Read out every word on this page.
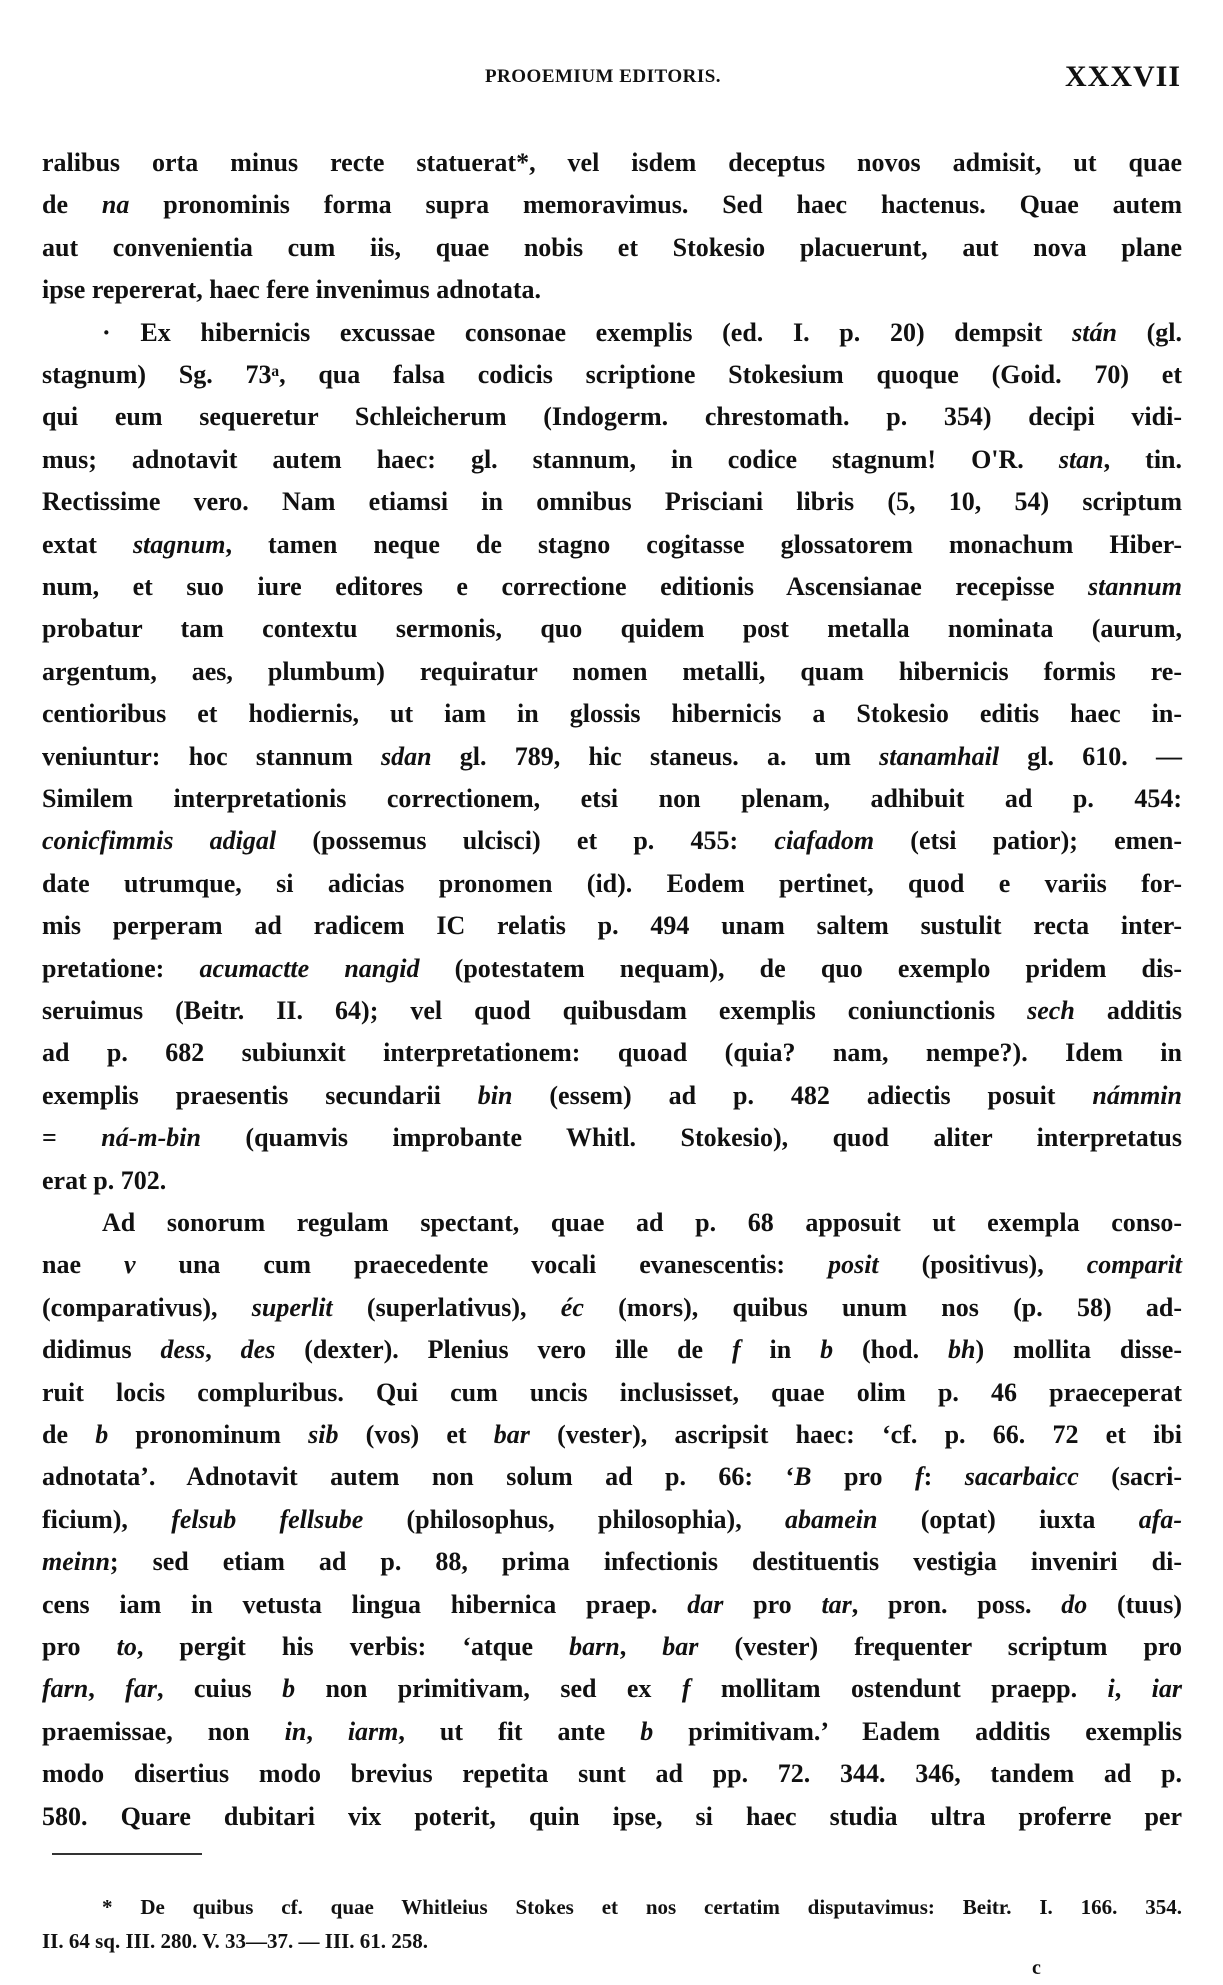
PROOEMIUM EDITORIS.	XXXVII
ralibus orta minus recte statuerat*, vel isdem deceptus novos admisit, ut quae
de na pronominis forma supra memoravimus. Sed haec hactenus. Quae autem
aut convenientia cum iis, quae nobis et Stokesio placuerunt, aut nova plane
ipse repererat, haec fere invenimus adnotata.
· Ex hibernicis excussae consonae exemplis (ed. I. p. 20) dempsit stán (gl.
stagnum) Sg. 73ᵃ, qua falsa codicis scriptione Stokesium quoque (Goid. 70) et
qui eum sequeretur Schleicherum (Indogerm. chrestomath. p. 354) decipi vidi-
mus; adnotavit autem haec: gl. stannum, in codice stagnum! O'R. stan, tin.
Rectissime vero. Nam etiamsi in omnibus Prisciani libris (5, 10, 54) scriptum
extat stagnum, tamen neque de stagno cogitasse glossatorem monachum Hiber-
num, et suo iure editores e correctione editionis Ascensianae recepisse stannum
probatur tam contextu sermonis, quo quidem post metalla nominata (aurum,
argentum, aes, plumbum) requiratur nomen metalli, quam hibernicis formis re-
centioribus et hodiernis, ut iam in glossis hibernicis a Stokesio editis haec in-
veniuntur: hoc stannum sdan gl. 789, hic staneus. a. um stanamhail gl. 610. —
Similem interpretationis correctionem, etsi non plenam, adhibuit ad p. 454:
conicfimmis adigal (possemus ulcisci) et p. 455: ciafadom (etsi patior); emen-
date utrumque, si adicias pronomen (id). Eodem pertinet, quod e variis for-
mis perperam ad radicem IC relatis p. 494 unam saltem sustulit recta inter-
pretatione: acumactte nangid (potestatem nequam), de quo exemplo pridem dis-
seruimus (Beitr. II. 64); vel quod quibusdam exemplis coniunctionis sech additis
ad p. 682 subiunxit interpretationem: quoad (quia? nam, nempe?). Idem in
exemplis praesentis secundarii bin (essem) ad p. 482 adiectis posuit námmin
= ná-m-bin (quamvis improbante Whitl. Stokesio), quod aliter interpretatus
erat p. 702.
Ad sonorum regulam spectant, quae ad p. 68 apposuit ut exempla conso-
nae v una cum praecedente vocali evanescentis: posit (positivus), comparit
(comparativus), superlit (superlativus), éc (mors), quibus unum nos (p. 58) ad-
didimus dess, des (dexter). Plenius vero ille de f in b (hod. bh) mollita disse-
ruit locis compluribus. Qui cum uncis inclusisset, quae olim p. 46 praeceperat
de b pronominum sib (vos) et bar (vester), ascripsit haec: ‘cf. p. 66. 72 et ibi
adnotata’. Adnotavit autem non solum ad p. 66: ‘B pro f: sacarbaicc (sacri-
ficium), felsub fellsube (philosophus, philosophia), abamein (optat) iuxta afa-
meinn; sed etiam ad p. 88, prima infectionis destituentis vestigia inveniri di-
cens iam in vetusta lingua hibernica praep. dar pro tar, pron. poss. do (tuus)
pro to, pergit his verbis: ‘atque barn, bar (vester) frequenter scriptum pro
farn, far, cuius b non primitivam, sed ex f mollitam ostendunt praepp. i, iar
praemissae, non in, iarm, ut fit ante b primitivam.’ Eadem additis exemplis
modo disertius modo brevius repetita sunt ad pp. 72. 344. 346, tandem ad p.
580. Quare dubitari vix poterit, quin ipse, si haec studia ultra proferre per
* De quibus cf. quae Whitleius Stokes et nos certatim disputavimus: Beitr. I. 166. 354.
II. 64 sq. III. 280. V. 33—37. — III. 61. 258.
c
